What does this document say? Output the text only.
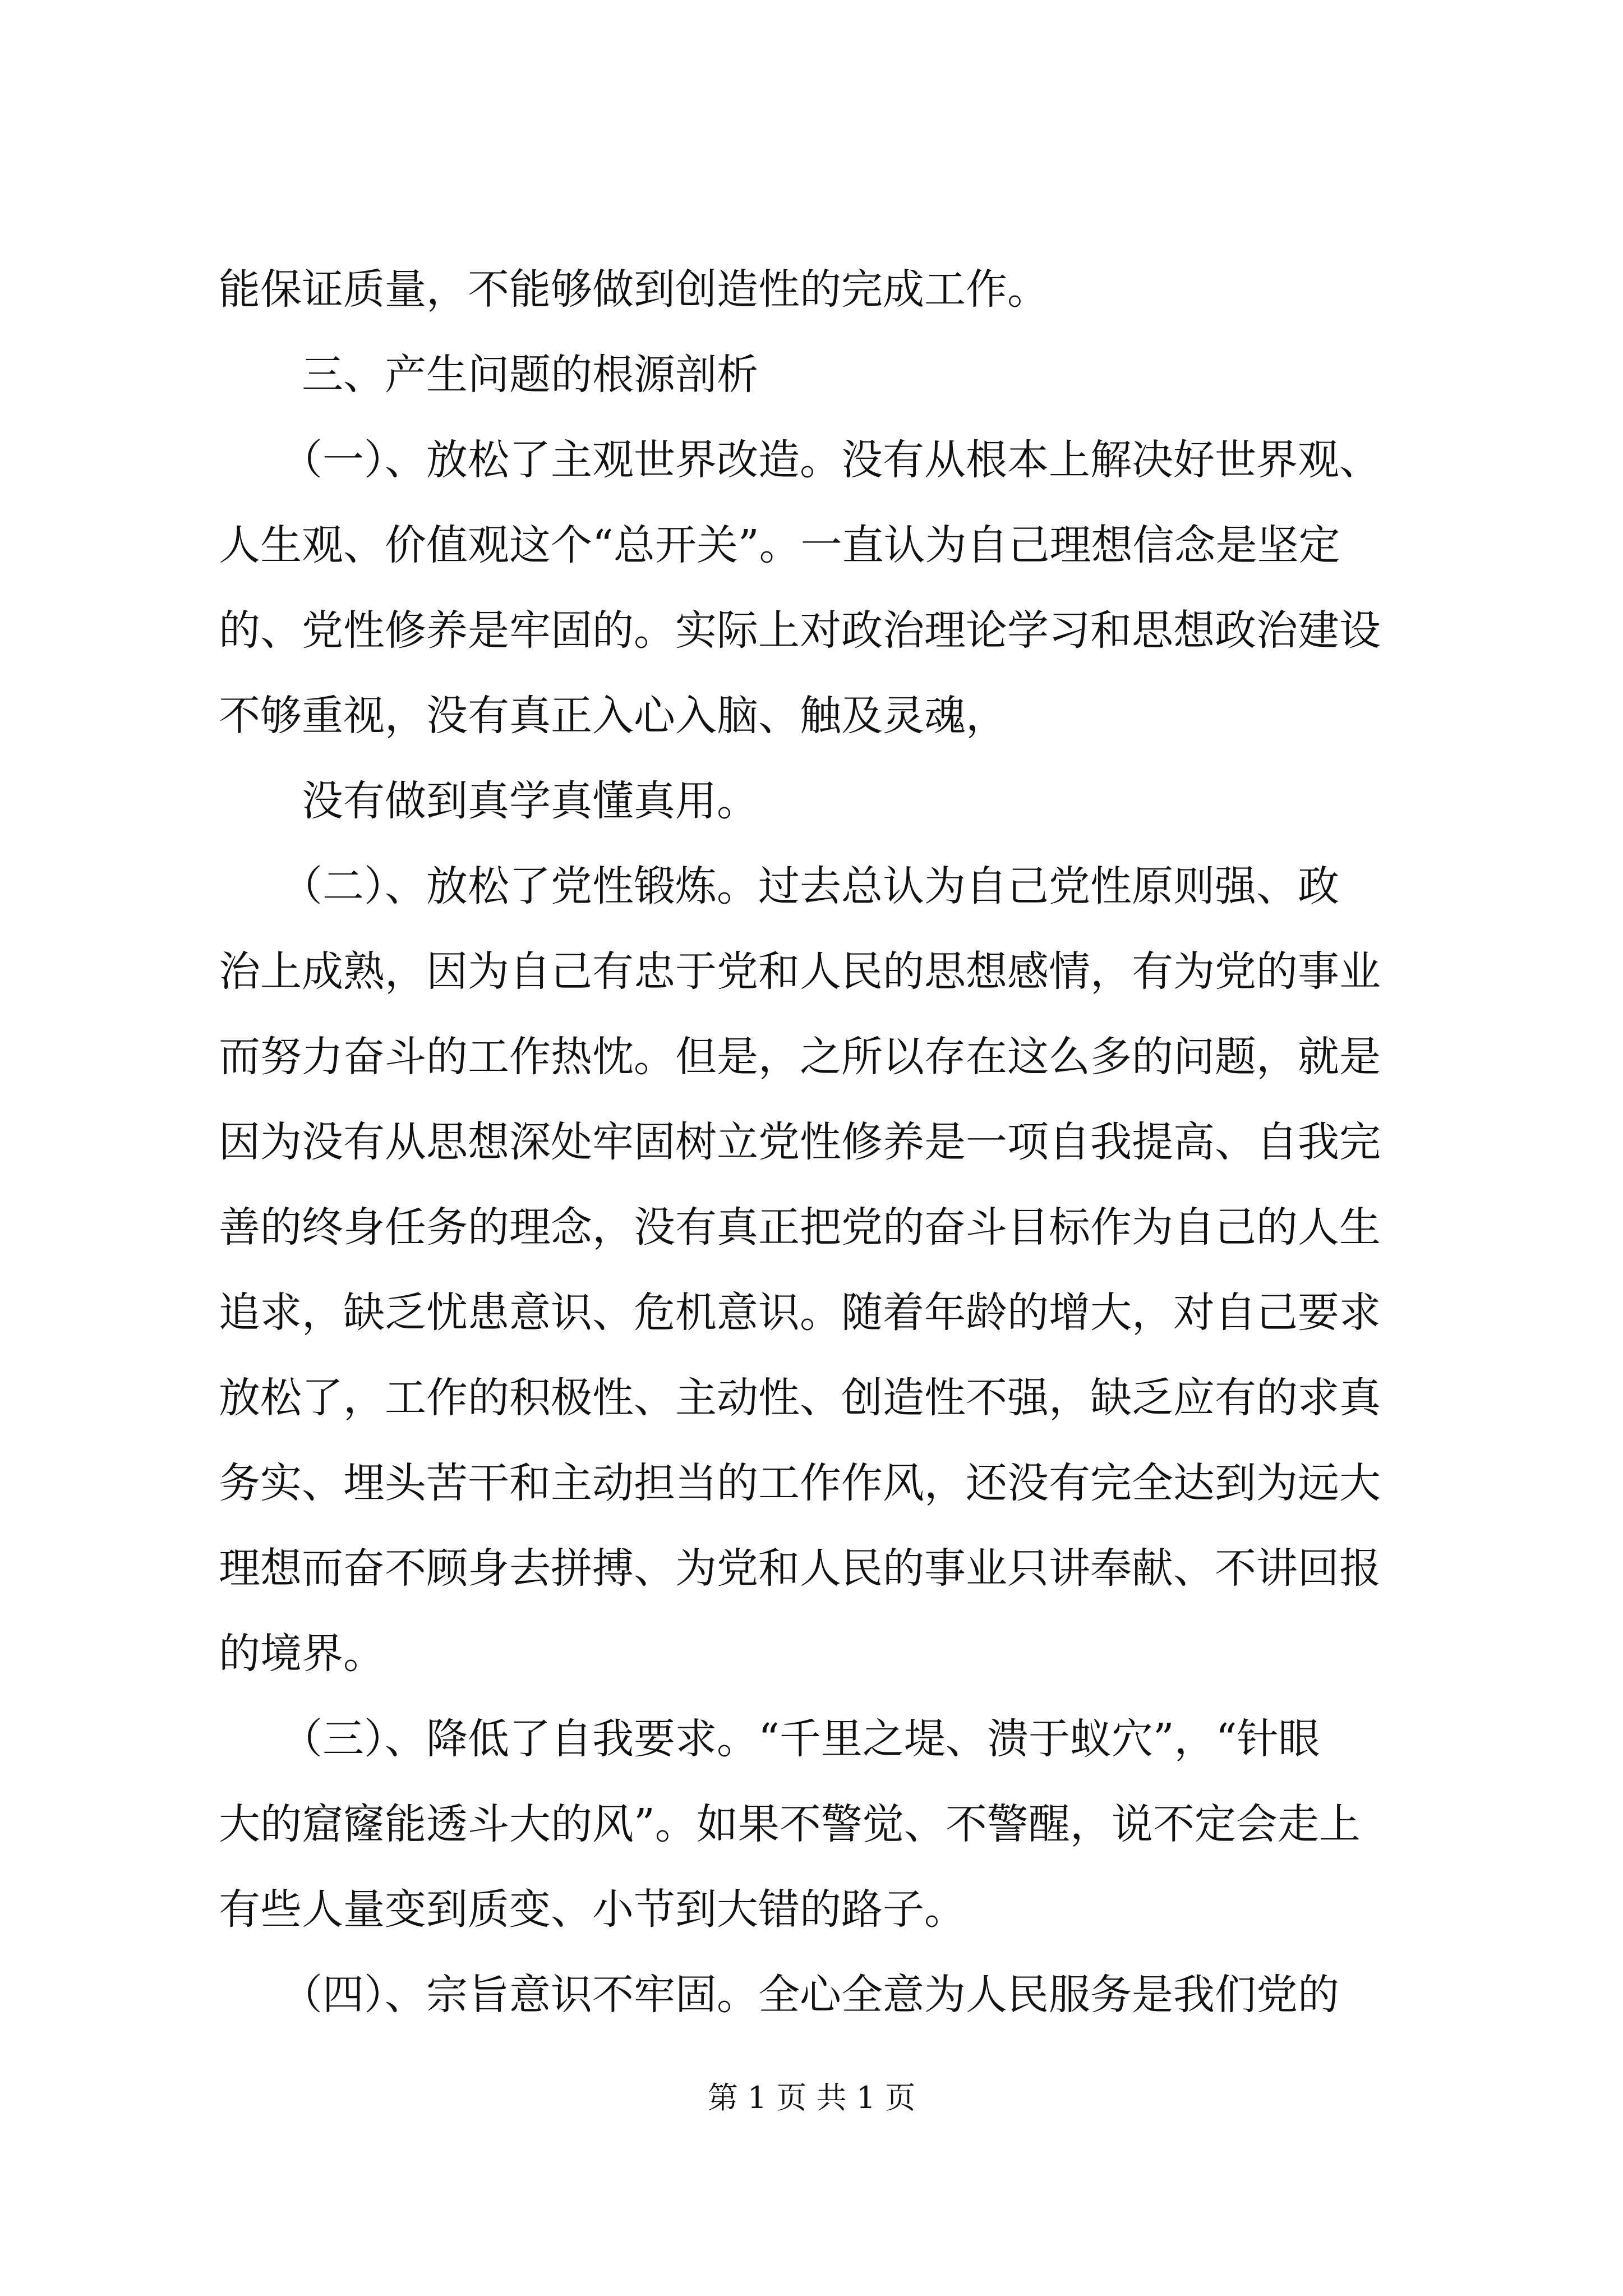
能保证质量，不能够做到创造性的完成工作。
　　三、产生问题的根源剖析
　　（一）、放松了主观世界改造。没有从根本上解决好世界观、
人生观、价值观这个“总开关”。一直认为自己理想信念是坚定
的、党性修养是牢固的。实际上对政治理论学习和思想政治建设
不够重视，没有真正入心入脑、触及灵魂，
　　没有做到真学真懂真用。
　　（二）、放松了党性锻炼。过去总认为自己党性原则强、政
治上成熟，因为自己有忠于党和人民的思想感情，有为党的事业
而努力奋斗的工作热忱。但是，之所以存在这么多的问题，就是
因为没有从思想深处牢固树立党性修养是一项自我提高、自我完
善的终身任务的理念，没有真正把党的奋斗目标作为自己的人生
追求，缺乏忧患意识、危机意识。随着年龄的增大，对自己要求
放松了，工作的积极性、主动性、创造性不强，缺乏应有的求真
务实、埋头苦干和主动担当的工作作风，还没有完全达到为远大
理想而奋不顾身去拼搏、为党和人民的事业只讲奉献、不讲回报
的境界。
　　（三）、降低了自我要求。“千里之堤、溃于蚁穴”，“针眼
大的窟窿能透斗大的风”。如果不警觉、不警醒，说不定会走上
有些人量变到质变、小节到大错的路子。
　　（四）、宗旨意识不牢固。全心全意为人民服务是我们党的
第 1 页 共 1 页
